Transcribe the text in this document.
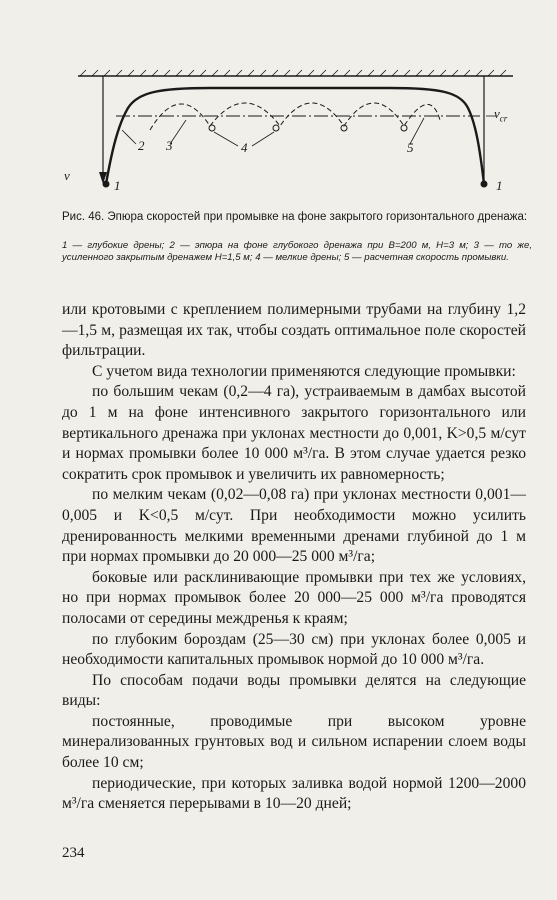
v
1	1
2 3	4	5
$v_{cr}$
Рис. 46. Эпюра скоростей при промывке на фоне закрытого горизонтального дренажа:
1 — глубокие дрены; 2 — эпюра на фоне глубокого дренажа при B=200 м, H=3 м; 3 — то же, усиленного закрытым дренажем H=1,5 м; 4 — мелкие дрены; 5 — расчетная скорость промывки.

или кротовыми с креплением полимерными трубами на глубину 1,2—1,5 м, размещая их так, чтобы создать оптимальное поле скоростей фильтрации.

С учетом вида технологии применяются следующие промывки:

по большим чекам (0,2—4 га), устраиваемым в дамбах высотой до 1 м на фоне интенсивного закрытого горизонтального или вертикального дренажа при уклонах местности до 0,001, K>0,5 м/сут и нормах промывки более 10 000 м³/га. В этом случае удается резко сократить срок промывок и увеличить их равномерность;

по мелким чекам (0,02—0,08 га) при уклонах местности 0,001—0,005 и K<0,5 м/сут. При необходимости можно усилить дренированность мелкими временными дренами глубиной до 1 м при нормах промывки до 20 000—25 000 м³/га;

боковые или расклинивающие промывки при тех же условиях, но при нормах промывок более 20 000—25 000 м³/га проводятся полосами от середины междренья к краям;

по глубоким бороздам (25—30 см) при уклонах более 0,005 и необходимости капитальных промывок нормой до 10 000 м³/га.

По способам подачи воды промывки делятся на следующие виды:

постоянные, проводимые при высоком уровне минерализованных грунтовых вод и сильном испарении слоем воды более 10 см;

периодические, при которых заливка водой нормой 1200—2000 м³/га сменяется перерывами в 10—20 дней;

234
